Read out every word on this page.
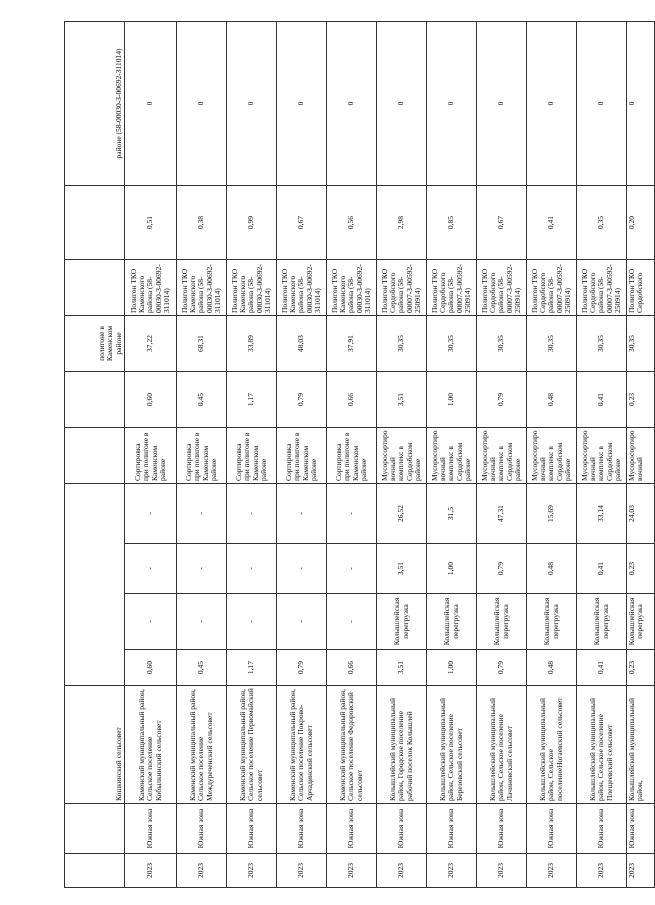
		Кошкинский сельсовет							полигоне в Каменском районе			районе (58-00030-З-00692-311014)		
2023	Южная зона	Каменский муниципальный район, Сельское поселение Кобылкинский сельсовет	0,60	-	-	-	Сортировка при полигоне в Каменском районе	0,60	37,22	Полигон ТКО Каменского района (58-00030-З-00692-311014)	0,51	0	
2023	Южная зона	Каменский муниципальный район, Сельское поселение Междуреченский сельсовет	0,45	-	-	-	Сортировка при полигоне в Каменском районе	0,45	68,31	Полигон ТКО Каменского района (58-00030-З-00692-311014)	0,38	0	
2023	Южная зона	Каменский муниципальный район, Сельское поселение Первомайский сельсовет	1,17	-	-	-	Сортировка при полигоне в Каменском районе	1,17	33,89	Полигон ТКО Каменского района (58-00030-З-00692-311014)	0,99	0	
2023	Южная зона	Каменский муниципальный район, Сельское поселение Покрово-Арчадинский сельсовет	0,79	-	-	-	Сортировка при полигоне в Каменском районе	0,79	48,03	Полигон ТКО Каменского района (58-00030-З-00692-311014)	0,67	0	
2023	Южная зона	Каменский муниципальный район, Сельское поселение Федоровский сельсовет	0,66	-	-	-	Сортировка при полигоне в Каменском районе	0,66	37,91	Полигон ТКО Каменского района (58-00030-З-00692-311014)	0,56	0	
2023	Южная зона	Колышлейский муниципальный район, Городское поселение рабочий поселок Колышлей	3,51	Колышлейская перегрузка	3,51	26,52	Мусоросортировочный комплекс в Сердобском районе	3,51	30,35	Полигон ТКО Сердобского района (58-00007-З-00592-250914)	2,98	0	
2023	Южная зона	Колышлейский муниципальный район, Сельское поселение Березовский сельсовет	1,00	Колышлейская перегрузка	1,00	31,5	Мусоросортировочный комплекс в Сердобском районе	1,00	30,35	Полигон ТКО Сердобского района (58-00007-З-00592-250914)	0,85	0	
2023	Южная зона	Колышлейский муниципальный район, Сельское поселение Лачиновский сельсовет	0,79	Колышлейская перегрузка	0,79	47,31	Мусоросортировочный комплекс в Сердобском районе	0,79	30,35	Полигон ТКО Сердобского района (58-00007-З-00592-250914)	0,67	0	
2023	Южная зона	Колышлейский муниципальный район, Сельское поселениеНогаевский сельсовет	0,48	Колышлейская перегрузка	0,48	15,69	Мусоросортировочный комплекс в Сердобском районе	0,48	30,35	Полигон ТКО Сердобского района (58-00007-З-00592-250914)	0,41	0	
2023	Южная зона	Колышлейский муниципальный район, Сельское поселение Плещеевский сельсовет	0,41	Колышлейская перегрузка	0,41	33,14	Мусоросортировочный комплекс в Сердобском районе	0,41	30,35	Полигон ТКО Сердобского района (58-00007-З-00592-250914)	0,35	0	
2023	Южная зона	Колышлейский муниципальный район,	0,23	Колышлейская перегрузка	0,23	24,03	Мусоросортировочный	0,23	30,35	Полигон ТКО Сердобского	0,20	0	
